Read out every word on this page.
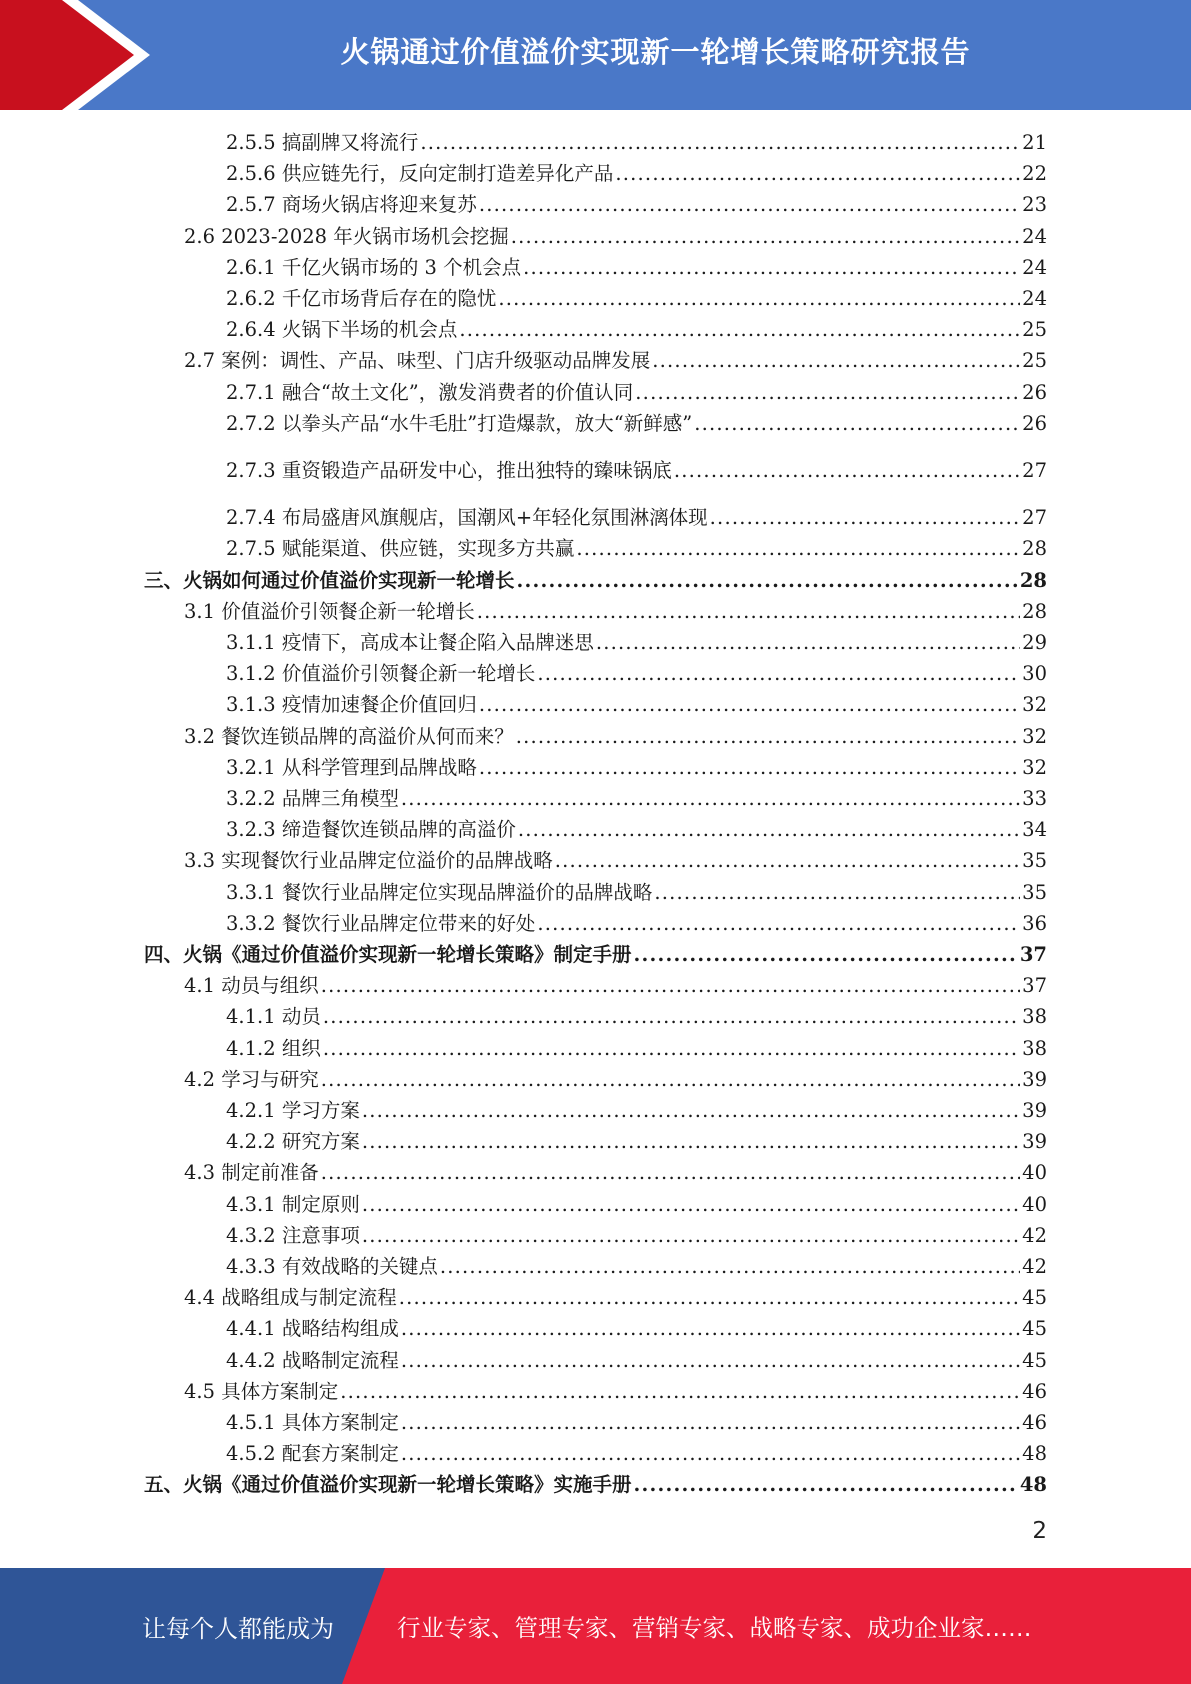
火锅通过价值溢价实现新一轮增长策略研究报告
2.5.5 搞副牌又将流行 .....	21
2.5.6 供应链先行，反向定制打造差异化产品 .....	22
2.5.7 商场火锅店将迎来复苏 .....	23
2.6 2023-2028 年火锅市场机会挖掘 .....	24
2.6.1 千亿火锅市场的 3 个机会点 .....	24
2.6.2 千亿市场背后存在的隐忧 .....	24
2.6.4 火锅下半场的机会点 .....	25
2.7 案例：调性、产品、味型、门店升级驱动品牌发展 .....	25
2.7.1 融合“故土文化”，激发消费者的价值认同 .....	26
2.7.2 以拳头产品“水牛毛肚”打造爆款，放大“新鲜感” .....	26
2.7.3 重资锻造产品研发中心，推出独特的臻味锅底 .....	27
2.7.4 布局盛唐风旗舰店，国潮风+年轻化氛围淋漓体现 .....	27
2.7.5 赋能渠道、供应链，实现多方共赢 .....	28
三、火锅如何通过价值溢价实现新一轮增长 .....	28
3.1 价值溢价引领餐企新一轮增长 .....	28
3.1.1 疫情下，高成本让餐企陷入品牌迷思 .....	29
3.1.2 价值溢价引领餐企新一轮增长 .....	30
3.1.3 疫情加速餐企价值回归 .....	32
3.2 餐饮连锁品牌的高溢价从何而来？ .....	32
3.2.1 从科学管理到品牌战略 .....	32
3.2.2 品牌三角模型 .....	33
3.2.3 缔造餐饮连锁品牌的高溢价 .....	34
3.3 实现餐饮行业品牌定位溢价的品牌战略 .....	35
3.3.1 餐饮行业品牌定位实现品牌溢价的品牌战略 .....	35
3.3.2 餐饮行业品牌定位带来的好处 .....	36
四、火锅《通过价值溢价实现新一轮增长策略》制定手册 .....	37
4.1 动员与组织 .....	37
4.1.1 动员 .....	38
4.1.2 组织 .....	38
4.2 学习与研究 .....	39
4.2.1 学习方案 .....	39
4.2.2 研究方案 .....	39
4.3 制定前准备 .....	40
4.3.1 制定原则 .....	40
4.3.2 注意事项 .....	42
4.3.3 有效战略的关键点 .....	42
4.4 战略组成与制定流程 .....	45
4.4.1 战略结构组成 .....	45
4.4.2 战略制定流程 .....	45
4.5 具体方案制定 .....	46
4.5.1 具体方案制定 .....	46
4.5.2 配套方案制定 .....	48
五、火锅《通过价值溢价实现新一轮增长策略》实施手册 .....	48
2
让每个人都能成为	行业专家、管理专家、营销专家、战略专家、成功企业家……
